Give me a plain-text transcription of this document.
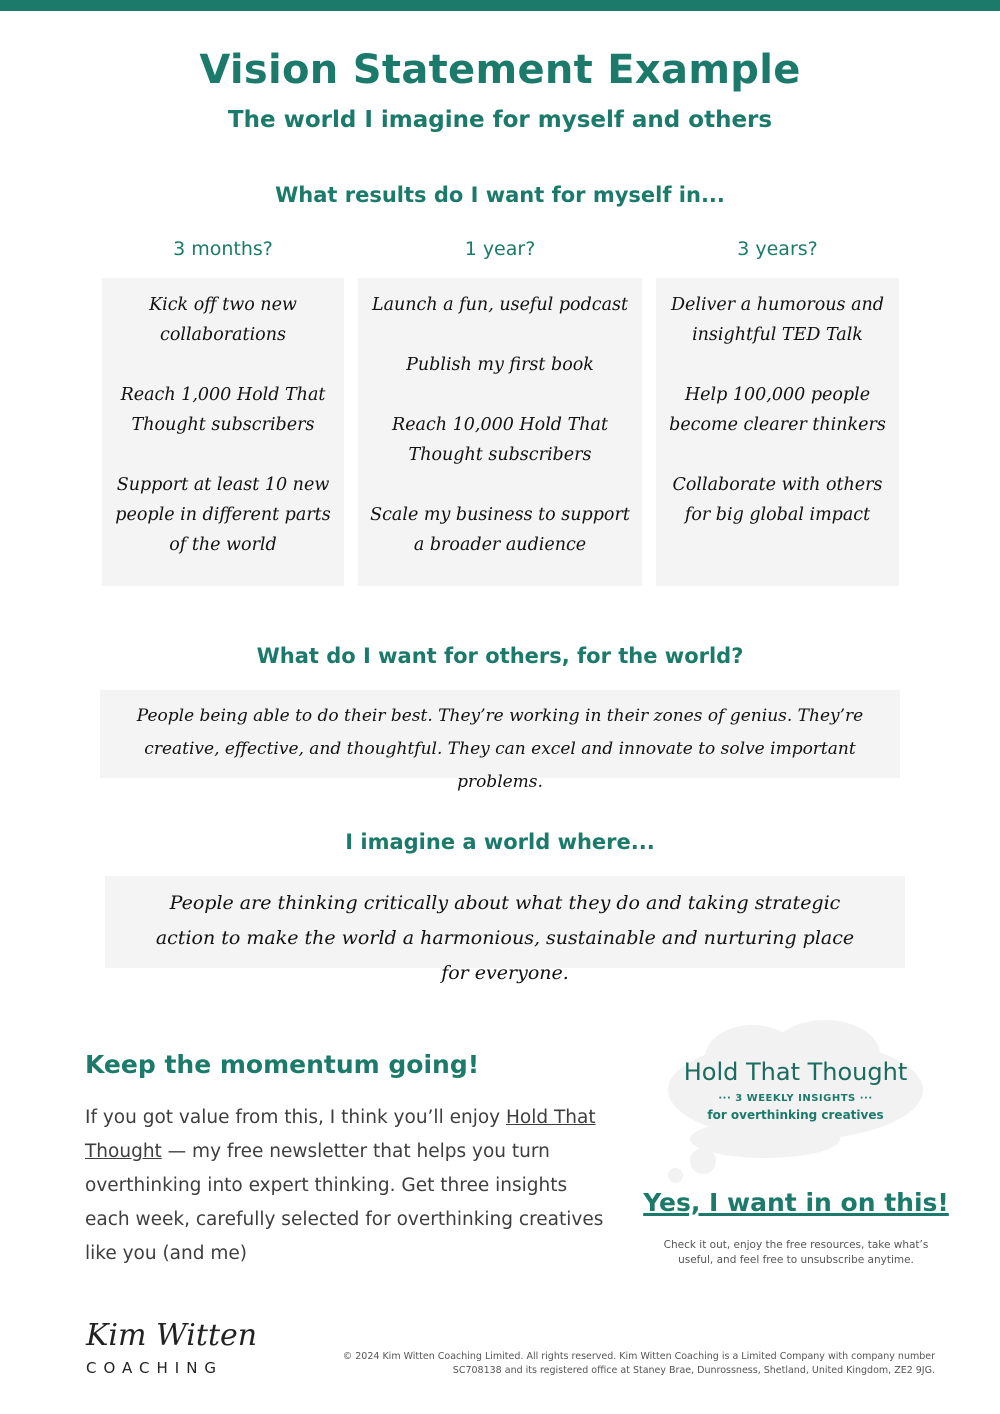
Vision Statement Example
The world I imagine for myself and others
What results do I want for myself in...
3 months?	1 year?	3 years?

Kick off two new collaborations

Reach 1,000 Hold That Thought subscribers

Support at least 10 new people in different parts of the world

Launch a fun, useful podcast

Publish my first book

Reach 10,000 Hold That Thought subscribers

Scale my business to support a broader audience

Deliver a humorous and insightful TED Talk

Help 100,000 people become clearer thinkers

Collaborate with others for big global impact

What do I want for others, for the world?
People being able to do their best. They’re working in their zones of genius. They’re creative, effective, and thoughtful. They can excel and innovate to solve important problems.
I imagine a world where...
People are thinking critically about what they do and taking strategic action to make the world a harmonious, sustainable and nurturing place for everyone.
Keep the momentum going!
If you got value from this, I think you’ll enjoy Hold That Thought — my free newsletter that helps you turn overthinking into expert thinking. Get three insights each week, carefully selected for overthinking creatives like you (and me)
Hold That Thought
··· 3 WEEKLY INSIGHTS ···
for overthinking creatives
Yes, I want in on this!
Check it out, enjoy the free resources, take what’s useful, and feel free to unsubscribe anytime.
Kim Witten
COACHING
© 2024 Kim Witten Coaching Limited. All rights reserved. Kim Witten Coaching is a Limited Company with company number SC708138 and its registered office at Staney Brae, Dunrossness, Shetland, United Kingdom, ZE2 9JG.
